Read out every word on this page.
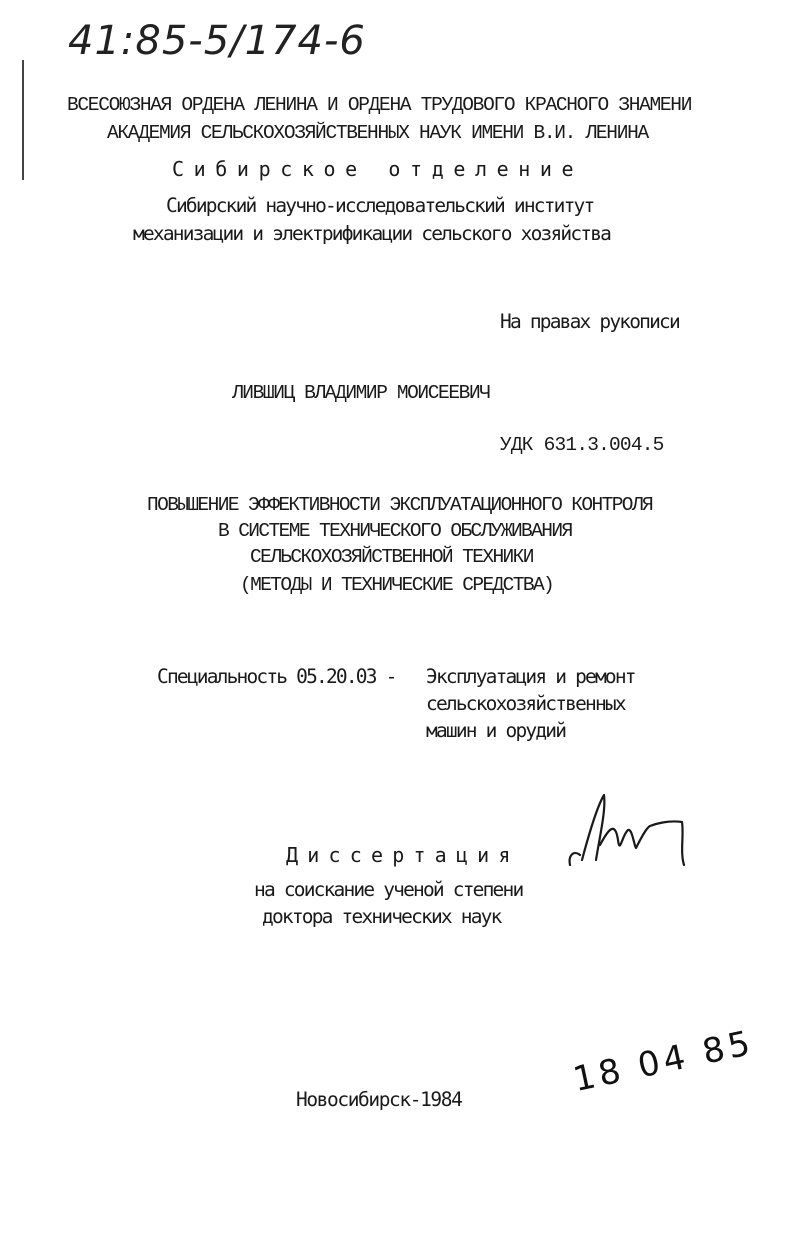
41:85-5/174-6
ВСЕСОЮЗНАЯ ОРДЕНА ЛЕНИНА И ОРДЕНА ТРУДОВОГО КРАСНОГО ЗНАМЕНИ
АКАДЕМИЯ СЕЛЬСКОХОЗЯЙСТВЕННЫХ НАУК ИМЕНИ В.И. ЛЕНИНА
Сибирское отделение
Сибирский научно-исследовательский институт
механизации и электрификации сельского хозяйства
На правах рукописи
ЛИВШИЦ ВЛАДИМИР МОИСЕЕВИЧ
УДК 631.3.004.5
ПОВЫШЕНИЕ ЭФФЕКТИВНОСТИ ЭКСПЛУАТАЦИОННОГО КОНТРОЛЯ
В СИСТЕМЕ ТЕХНИЧЕСКОГО ОБСЛУЖИВАНИЯ
СЕЛЬСКОХОЗЯЙСТВЕННОЙ ТЕХНИКИ
(МЕТОДЫ И ТЕХНИЧЕСКИЕ СРЕДСТВА)
Специальность 05.20.03 - Эксплуатация и ремонт
сельскохозяйственных
машин и орудий
Диссертация
на соискание ученой степени
доктора технических наук
Новосибирск-1984	18 04 85
